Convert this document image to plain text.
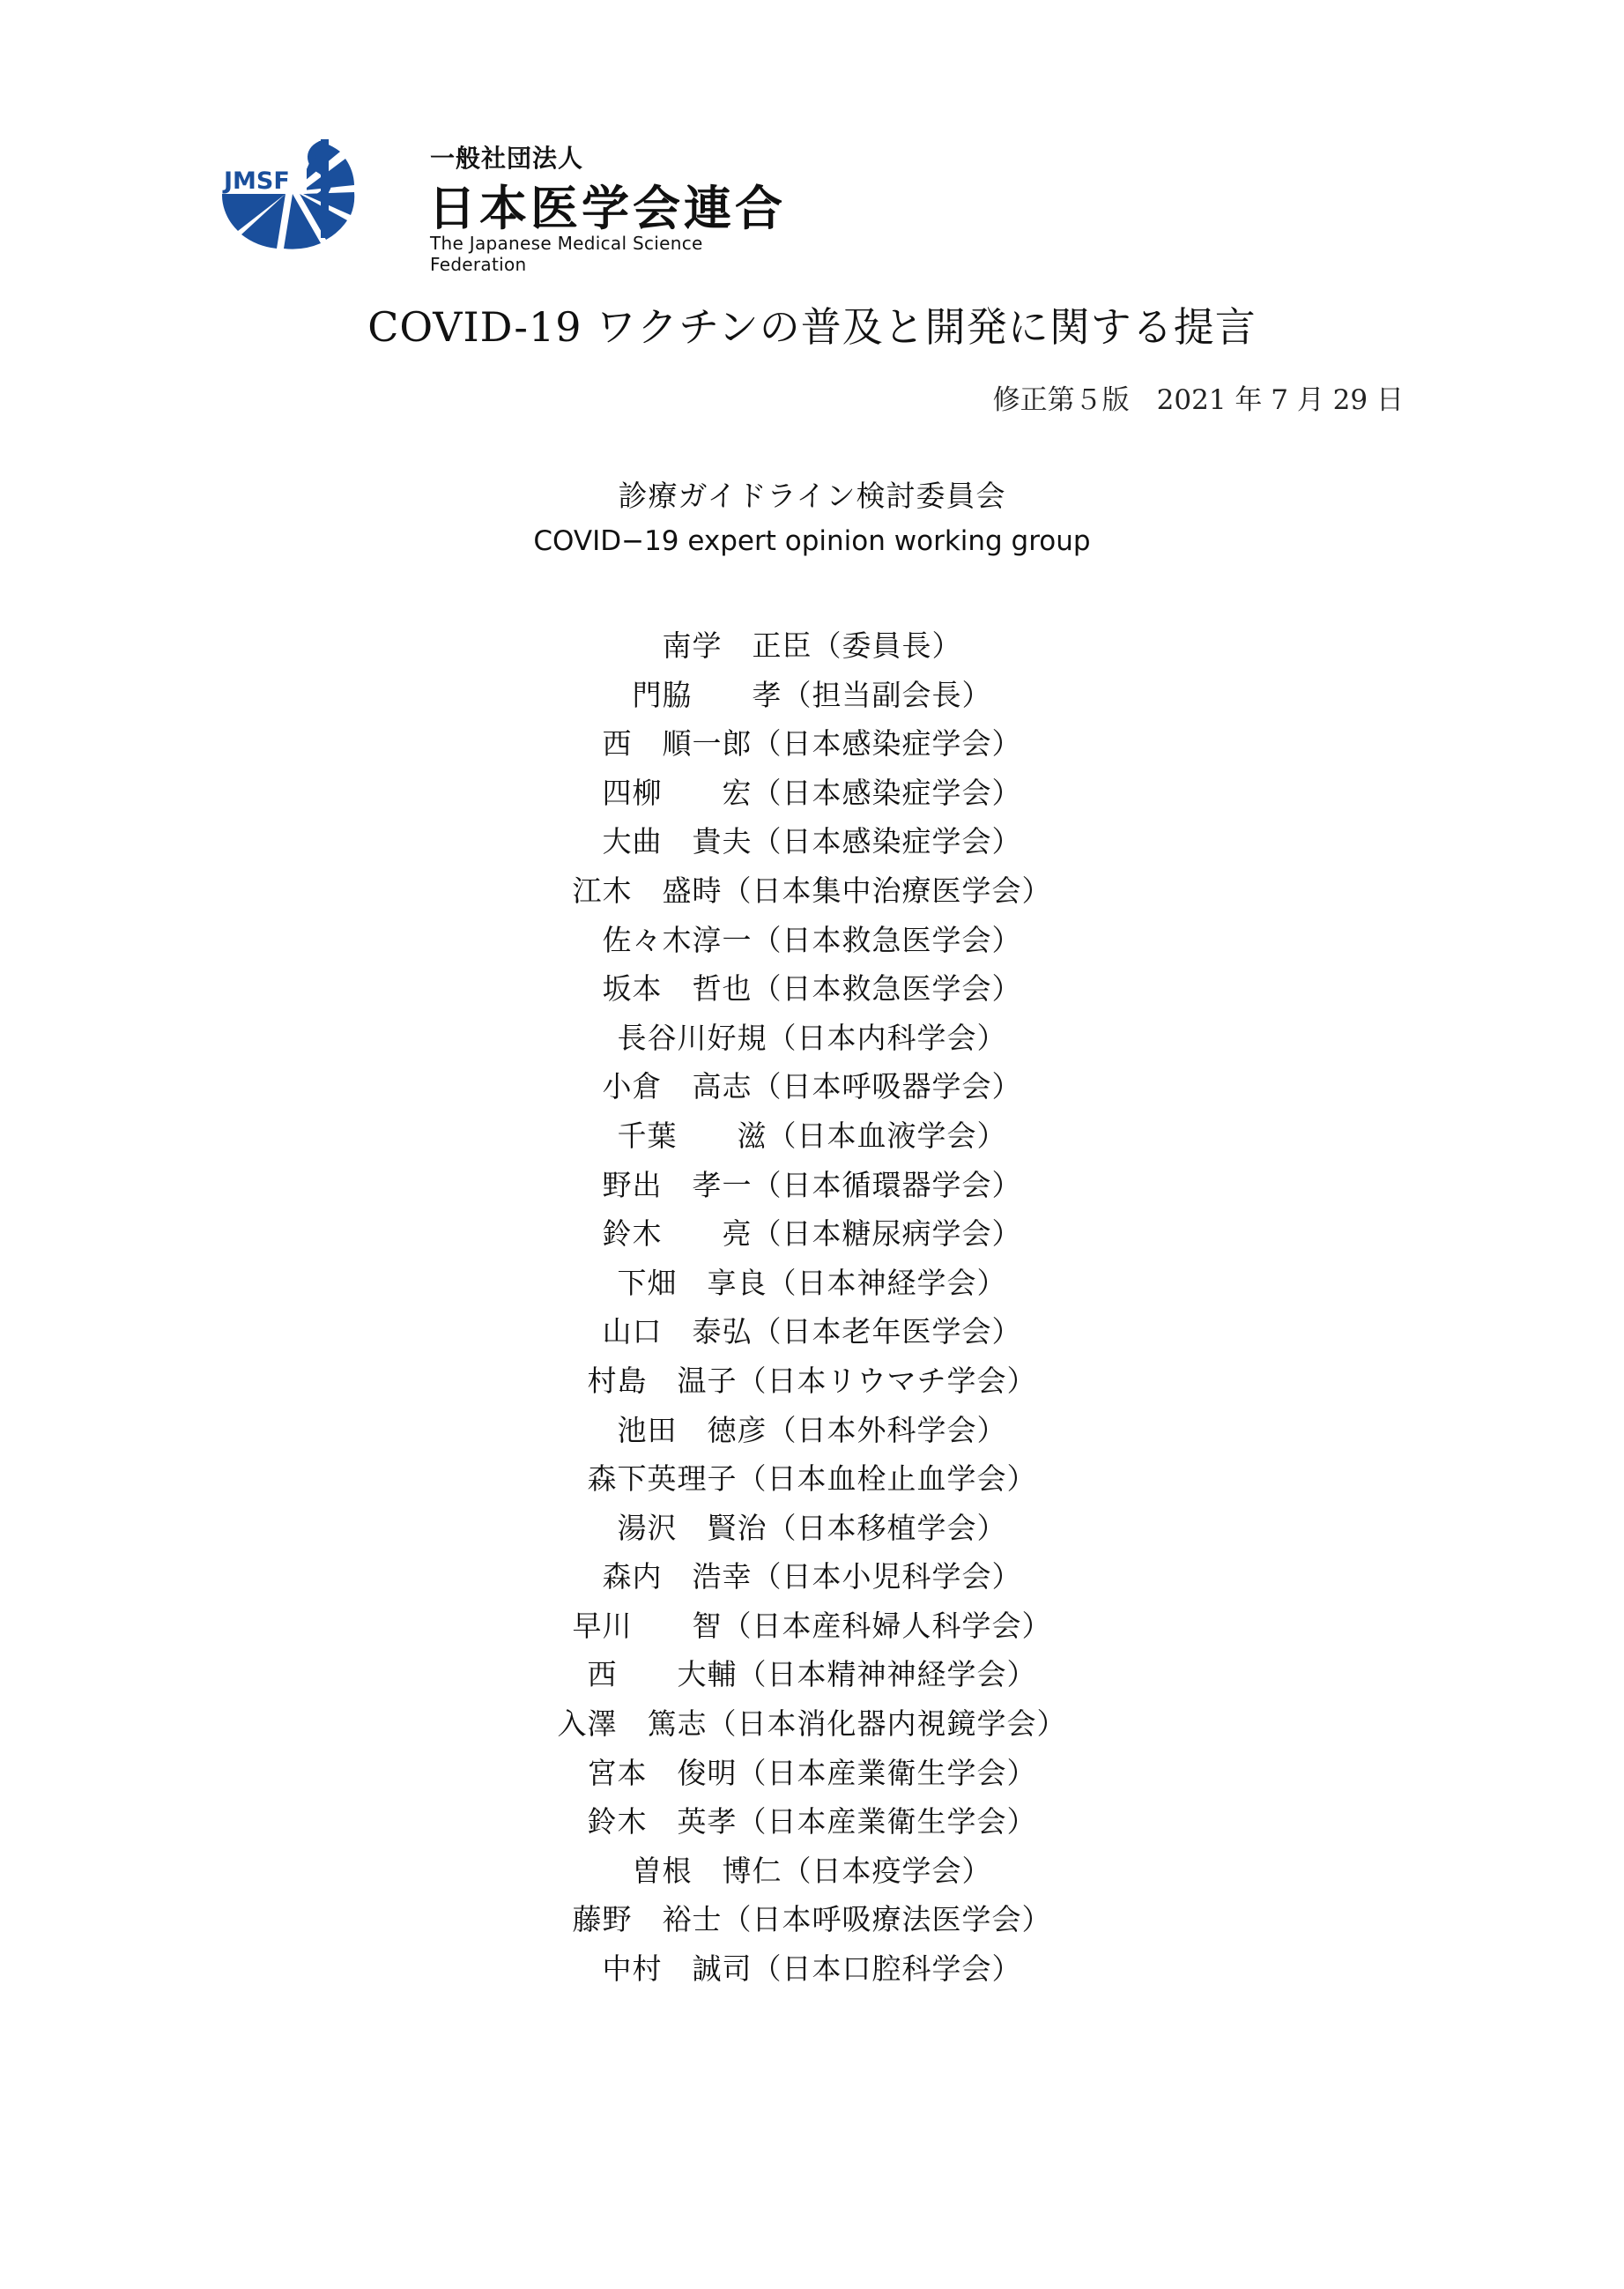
JMSF
一般社団法人
日本医学会連合
The Japanese Medical Science Federation
COVID-19 ワクチンの普及と開発に関する提言
修正第５版　2021 年 7 月 29 日
診療ガイドライン検討委員会
COVID−19 expert opinion working group
南学　正臣（委員長）
門脇　　孝（担当副会長）
西　順一郎（日本感染症学会）
四柳　　宏（日本感染症学会）
大曲　貴夫（日本感染症学会）
江木　盛時（日本集中治療医学会）
佐々木淳一（日本救急医学会）
坂本　哲也（日本救急医学会）
長谷川好規（日本内科学会）
小倉　高志（日本呼吸器学会）
千葉　　滋（日本血液学会）
野出　孝一（日本循環器学会）
鈴木　　亮（日本糖尿病学会）
下畑　享良（日本神経学会）
山口　泰弘（日本老年医学会）
村島　温子（日本リウマチ学会）
池田　徳彦（日本外科学会）
森下英理子（日本血栓止血学会）
湯沢　賢治（日本移植学会）
森内　浩幸（日本小児科学会）
早川　　智（日本産科婦人科学会）
西　　大輔（日本精神神経学会）
入澤　篤志（日本消化器内視鏡学会）
宮本　俊明（日本産業衛生学会）
鈴木　英孝（日本産業衛生学会）
曽根　博仁（日本疫学会）
藤野　裕士（日本呼吸療法医学会）
中村　誠司（日本口腔科学会）
